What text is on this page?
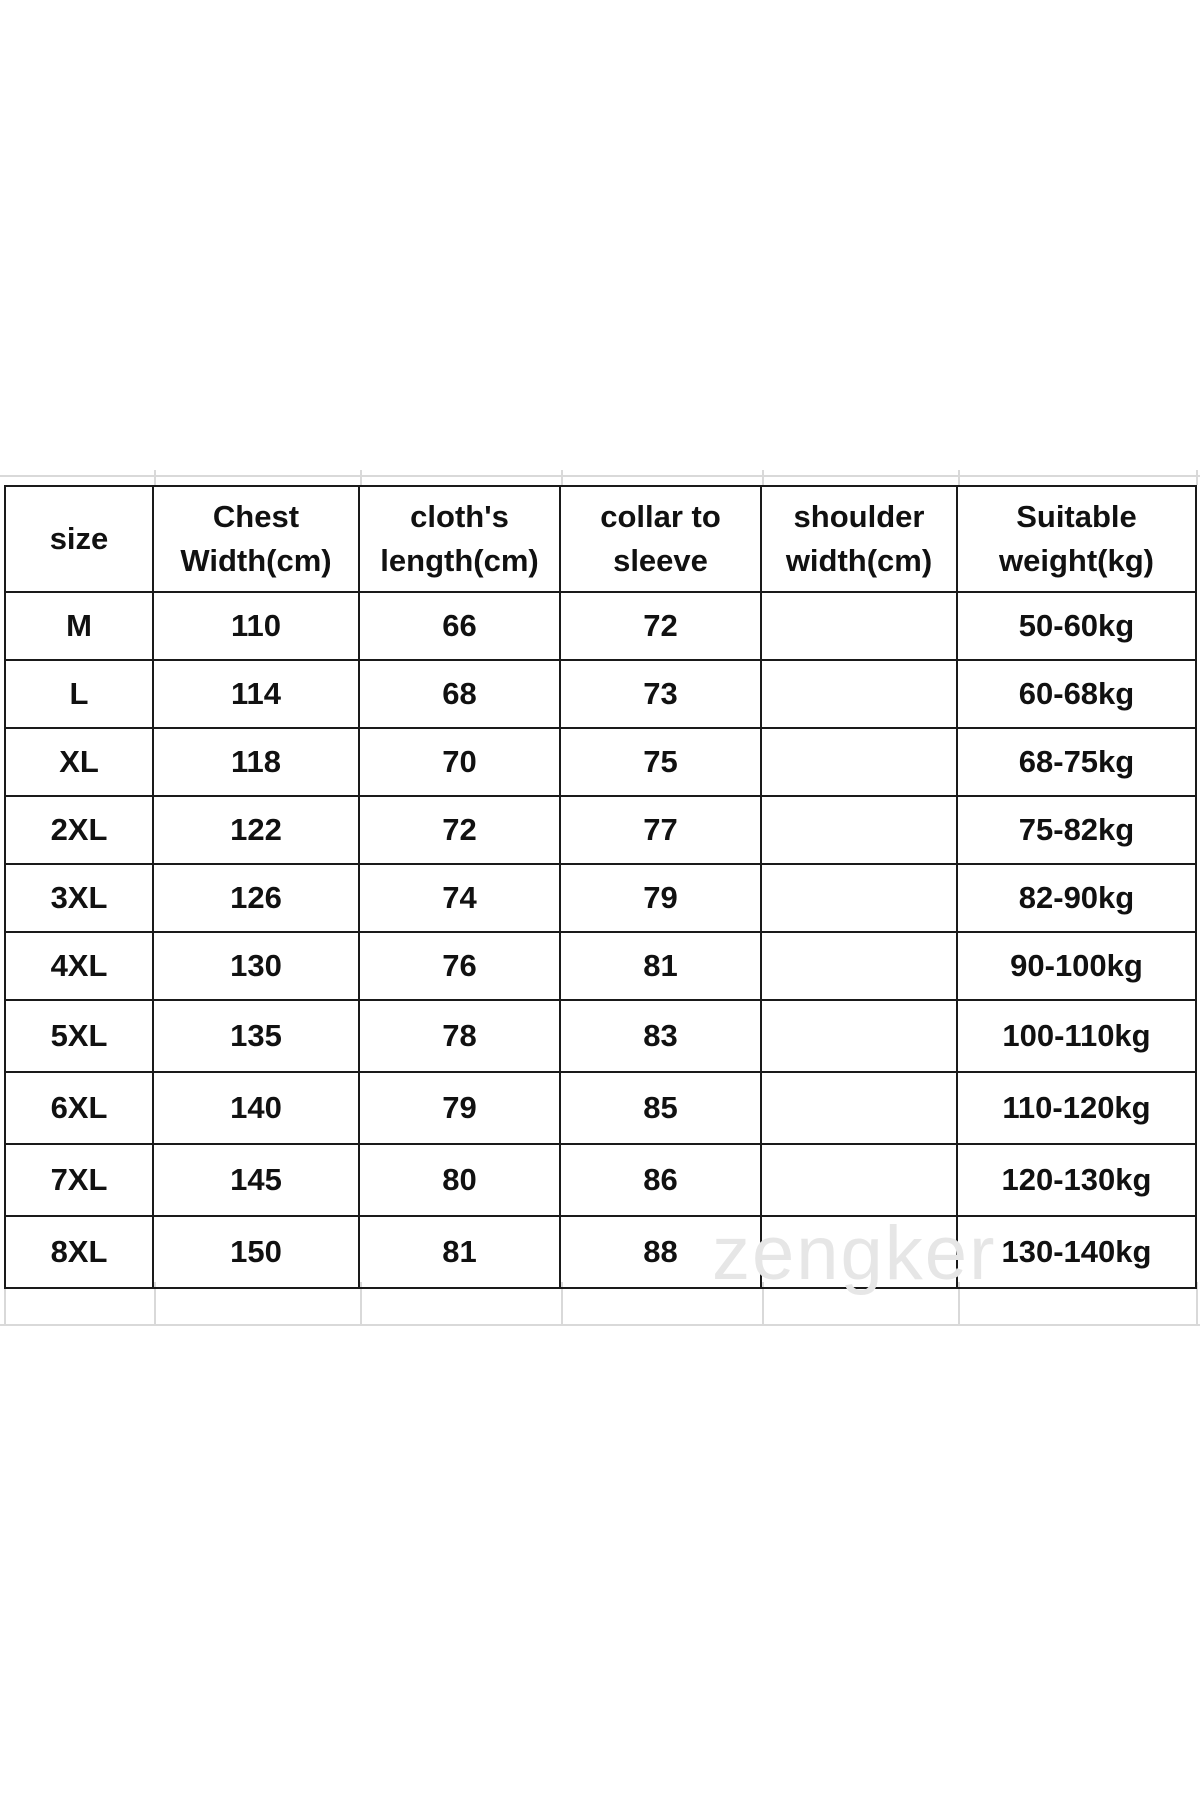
size	Chest Width(cm)	cloth's length(cm)	collar to sleeve	shoulder width(cm)	Suitable weight(kg)
M	110	66	72		50-60kg
L	114	68	73		60-68kg
XL	118	70	75		68-75kg
2XL	122	72	77		75-82kg
3XL	126	74	79		82-90kg
4XL	130	76	81		90-100kg
5XL	135	78	83		100-110kg
6XL	140	79	85		110-120kg
7XL	145	80	86		120-130kg
8XL	150	81	88		130-140kg
zengker
